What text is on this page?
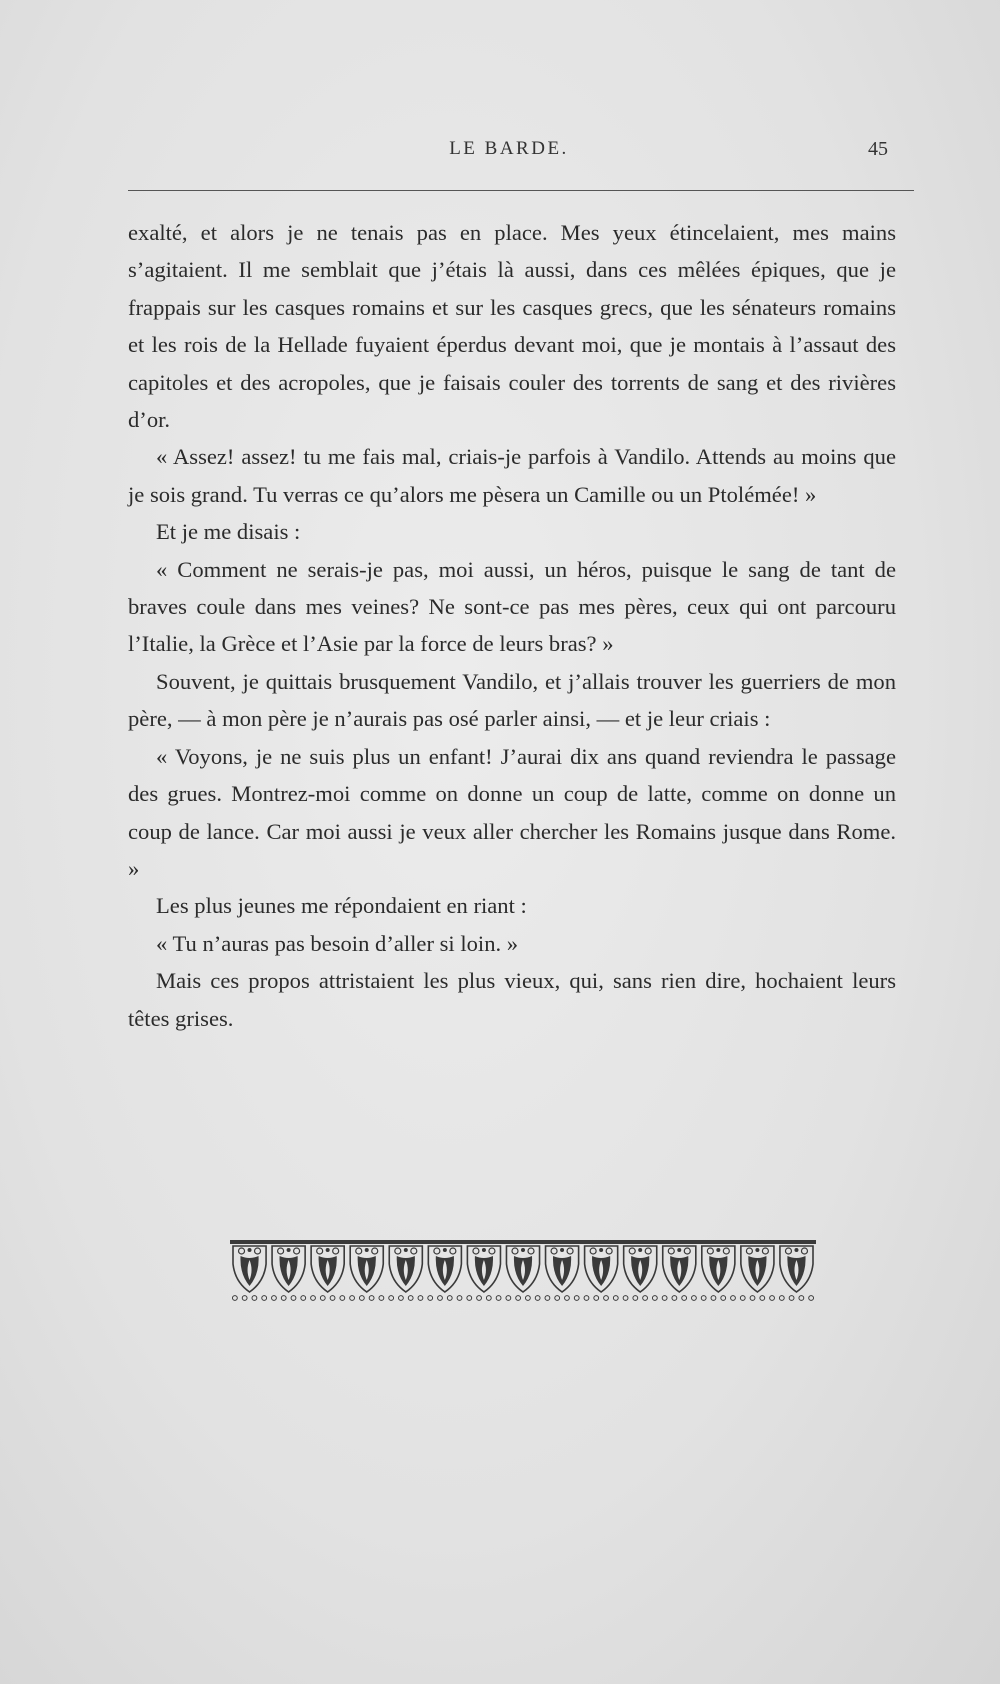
LE BARDE.	45

exalté, et alors je ne tenais pas en place. Mes yeux étincelaient, mes mains s’agitaient. Il me semblait que j’étais là aussi, dans ces mêlées épiques, que je frappais sur les casques romains et sur les casques grecs, que les sénateurs romains et les rois de la Hellade fuyaient éperdus devant moi, que je montais à l’assaut des capitoles et des acropoles, que je faisais couler des torrents de sang et des rivières d’or.

« Assez! assez! tu me fais mal, criais-je parfois à Vandilo. Attends au moins que je sois grand. Tu verras ce qu’alors me pèsera un Camille ou un Ptolémée! »

Et je me disais :

« Comment ne serais-je pas, moi aussi, un héros, puisque le sang de tant de braves coule dans mes veines? Ne sont-ce pas mes pères, ceux qui ont parcouru l’Italie, la Grèce et l’Asie par la force de leurs bras? »

Souvent, je quittais brusquement Vandilo, et j’allais trouver les guerriers de mon père, — à mon père je n’aurais pas osé parler ainsi, — et je leur criais :

« Voyons, je ne suis plus un enfant! J’aurai dix ans quand reviendra le passage des grues. Montrez-moi comme on donne un coup de latte, comme on donne un coup de lance. Car moi aussi je veux aller chercher les Romains jusque dans Rome. »

Les plus jeunes me répondaient en riant :

« Tu n’auras pas besoin d’aller si loin. »

Mais ces propos attristaient les plus vieux, qui, sans rien dire, hochaient leurs têtes grises.
